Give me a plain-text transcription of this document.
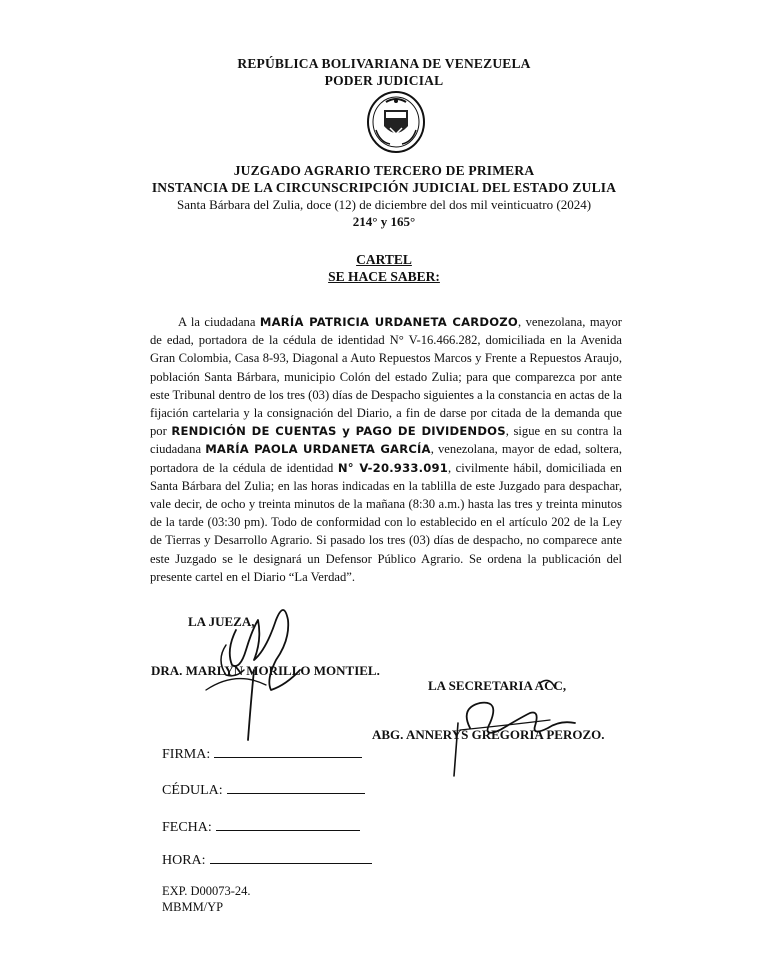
REPÚBLICA BOLIVARIANA DE VENEZUELA
PODER JUDICIAL
JUZGADO AGRARIO TERCERO DE PRIMERA
INSTANCIA DE LA CIRCUNSCRIPCIÓN JUDICIAL DEL ESTADO ZULIA
Santa Bárbara del Zulia, doce (12) de diciembre del dos mil veinticuatro (2024)
214° y 165°
CARTEL
SE HACE SABER:
A la ciudadana MARÍA PATRICIA URDANETA CARDOZO, venezolana, mayor de edad, portadora de la cédula de identidad N° V-16.466.282, domiciliada en la Avenida Gran Colombia, Casa 8-93, Diagonal a Auto Repuestos Marcos y Frente a Repuestos Araujo, población Santa Bárbara, municipio Colón del estado Zulia; para que comparezca por ante este Tribunal dentro de los tres (03) días de Despacho siguientes a la constancia en actas de la fijación cartelaria y la consignación del Diario, a fin de darse por citada de la demanda que por RENDICIÓN DE CUENTAS y PAGO DE DIVIDENDOS, sigue en su contra la ciudadana MARÍA PAOLA URDANETA GARCÍA, venezolana, mayor de edad, soltera, portadora de la cédula de identidad N° V-20.933.091, civilmente hábil, domiciliada en Santa Bárbara del Zulia; en las horas indicadas en la tablilla de este Juzgado para despachar, vale decir, de ocho y treinta minutos de la mañana (8:30 a.m.) hasta las tres y treinta minutos de la tarde (03:30 pm). Todo de conformidad con lo establecido en el artículo 202 de la Ley de Tierras y Desarrollo Agrario. Si pasado los tres (03) días de despacho, no comparece ante este Juzgado se le designará un Defensor Público Agrario. Se ordena la publicación del presente cartel en el Diario “La Verdad”.
LA JUEZA,
DRA. MARLYN MORILLO MONTIEL.
LA SECRETARIA ACC,
ABG. ANNERYS GREGORIA PEROZO.
FIRMA:
CÉDULA:
FECHA:
HORA:
EXP. D00073-24.
MBMM/YP
